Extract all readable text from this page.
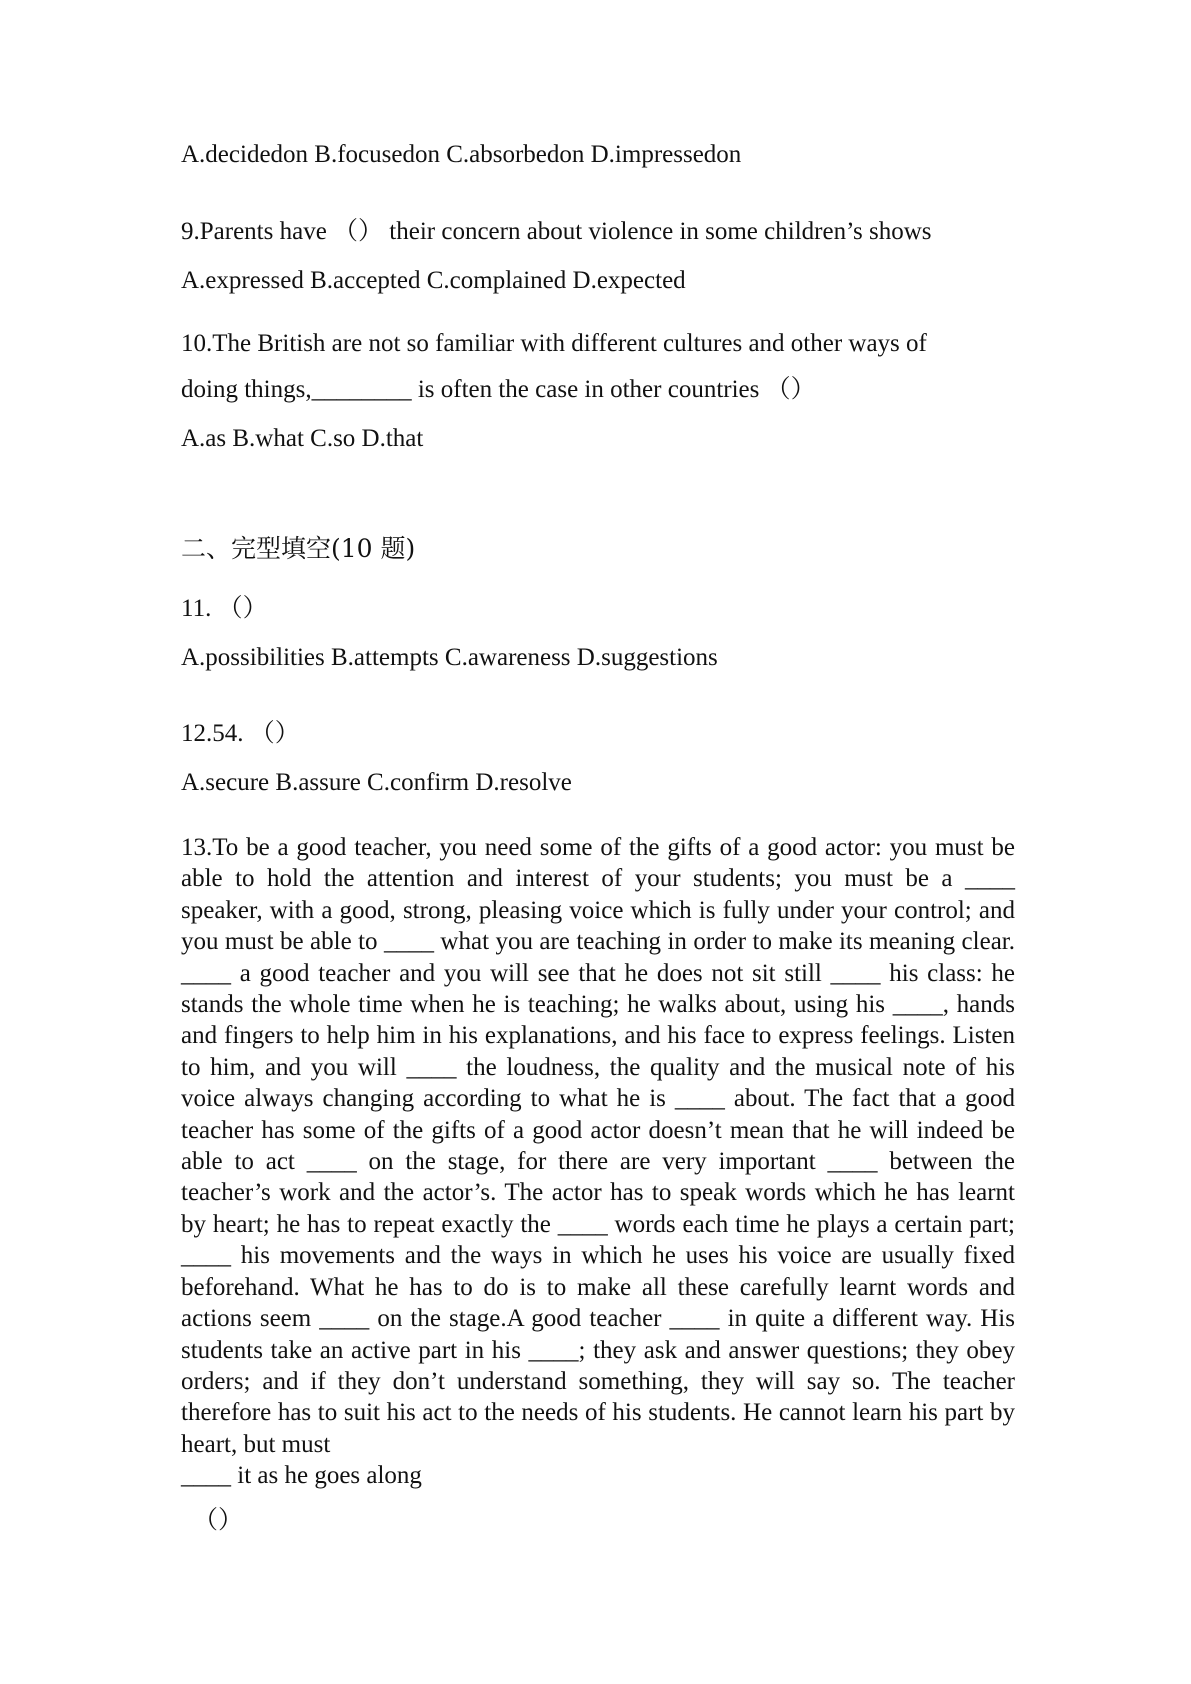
A.decidedon B.focusedon C.absorbedon D.impressedon
9.Parents have （） their concern about violence in some children’s shows
A.expressed B.accepted C.complained D.expected
10.The British are not so familiar with different cultures and other ways of
doing things,________ is often the case in other countries （）
A.as B.what C.so D.that
二、完型填空(10 题)
11. （）
A.possibilities B.attempts C.awareness D.suggestions
12.54. （）
A.secure B.assure C.confirm D.resolve

13.To be a good teacher, you need some of the gifts of a good actor: you must be able to hold the attention and interest of your students; you must be a ____ speaker, with a good, strong, pleasing voice which is fully under your control; and you must be able to ____ what you are teaching in order to make its meaning clear. ____ a good teacher and you will see that he does not sit still ____ his class: he stands the whole time when he is teaching; he walks about, using his ____, hands and fingers to help him in his explanations, and his face to express feelings. Listen to him, and you will ____ the loudness, the quality and the musical note of his voice always changing according to what he is ____ about. The fact that a good teacher has some of the gifts of a good actor doesn’t mean that he will indeed be able to act ____ on the stage, for there are very important ____ between the teacher’s work and the actor’s. The actor has to speak words which he has learnt by heart; he has to repeat exactly the ____ words each time he plays a certain part; ____ his movements and the ways in which he uses his voice are usually fixed beforehand. What he has to do is to make all these carefully learnt words and actions seem ____ on the stage.A good teacher ____ in quite a different way. His students take an active part in his ____; they ask and answer questions; they obey orders; and if they don’t understand something, they will say so. The teacher therefore has to suit his act to the needs of his students. He cannot learn his part by heart, but must

____ it as he goes along
（）
